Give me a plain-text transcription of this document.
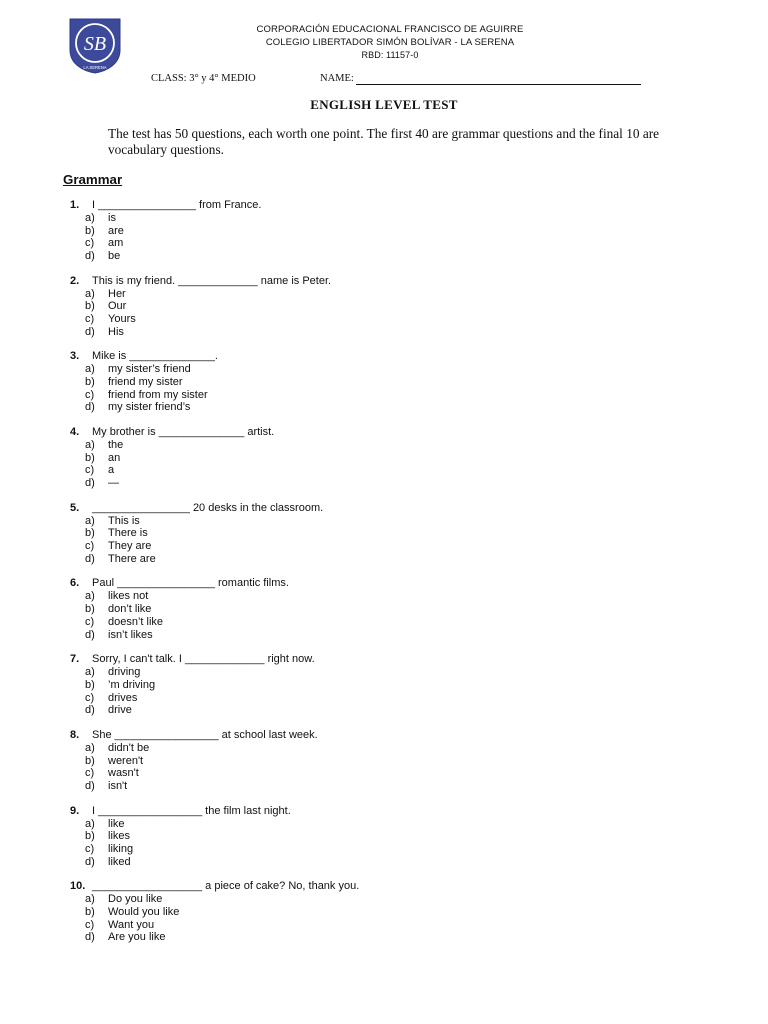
SB
LA SERENA
CORPORACIÓN EDUCACIONAL FRANCISCO DE AGUIRRE
COLEGIO LIBERTADOR SIMÓN BOLÍVAR - LA SERENA
RBD: 11157-0
CLASS: 3° y 4° MEDIO	NAME:
ENGLISH LEVEL TEST
The test has 50 questions, each worth one point. The first 40 are grammar questions and the final 10 are vocabulary questions.
Grammar
1. I ________________ from France.
a) is
b) are
c) am
d) be
2. This is my friend. _____________ name is Peter.
a) Her
b) Our
c) Yours
d) His
3. Mike is ______________.
a) my sister’s friend
b) friend my sister
c) friend from my sister
d) my sister friend’s
4. My brother is ______________ artist.
a) the
b) an
c) a
d) —
5. ________________ 20 desks in the classroom.
a) This is
b) There is
c) They are
d) There are
6. Paul ________________ romantic films.
a) likes not
b) don’t like
c) doesn’t like
d) isn’t likes
7. Sorry, I can't talk. I _____________ right now.
a) driving
b) ’m driving
c) drives
d) drive
8. She _________________ at school last week.
a) didn't be
b) weren't
c) wasn't
d) isn't
9. I _________________ the film last night.
a) like
b) likes
c) liking
d) liked
10. __________________ a piece of cake? No, thank you.
a) Do you like
b) Would you like
c) Want you
d) Are you like
